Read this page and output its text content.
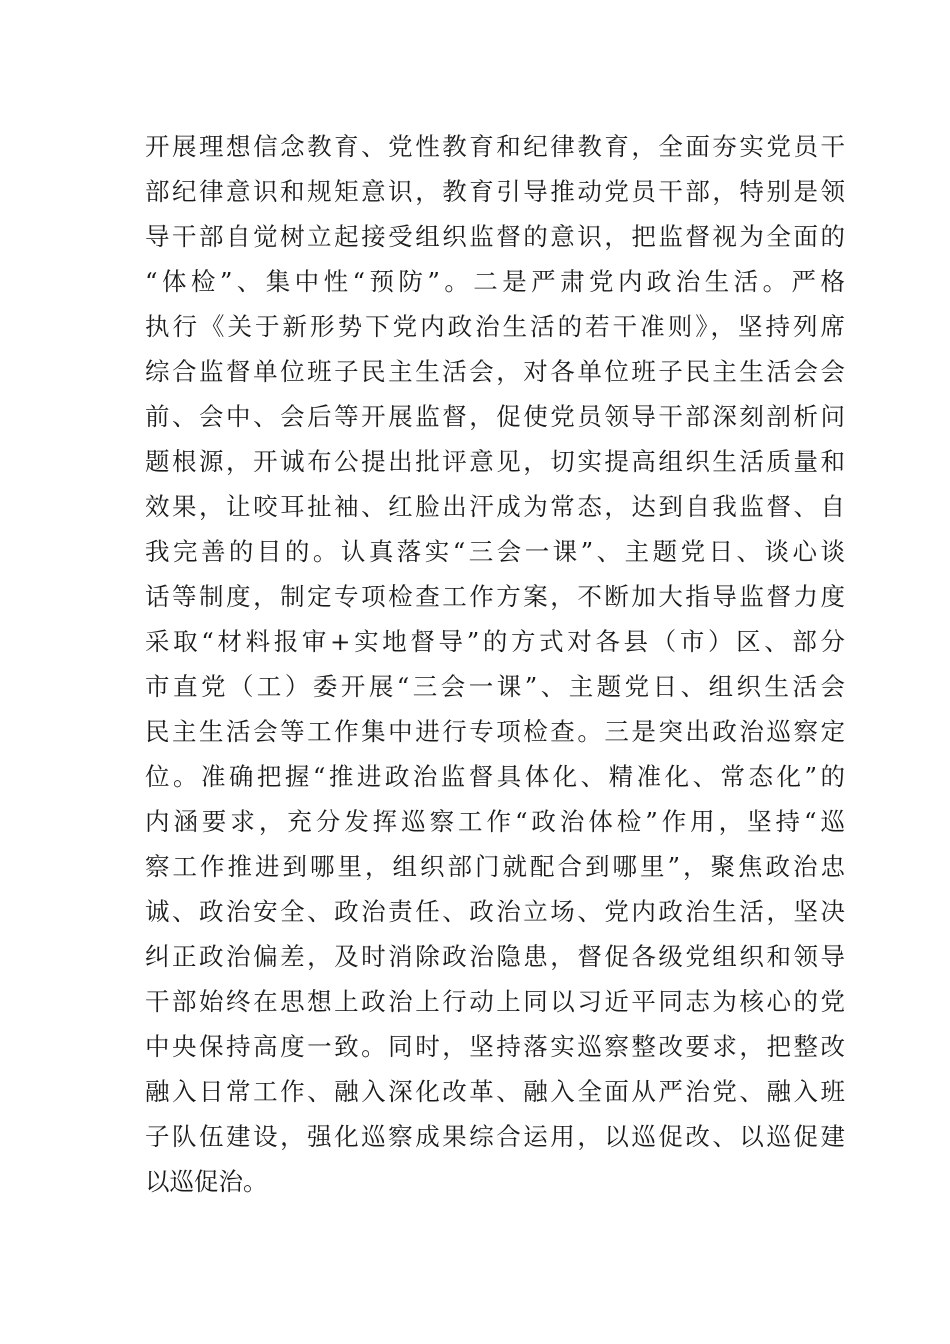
开展理想信念教育、党性教育和纪律教育，全面夯实党员干
部纪律意识和规矩意识，教育引导推动党员干部，特别是领
导干部自觉树立起接受组织监督的意识，把监督视为全面的
“体检”、集中性“预防”。二是严肃党内政治生活。严格
执行《关于新形势下党内政治生活的若干准则》，坚持列席
综合监督单位班子民主生活会，对各单位班子民主生活会会
前、会中、会后等开展监督，促使党员领导干部深刻剖析问
题根源，开诚布公提出批评意见，切实提高组织生活质量和
效果，让咬耳扯袖、红脸出汗成为常态，达到自我监督、自
我完善的目的。认真落实“三会一课”、主题党日、谈心谈
话等制度，制定专项检查工作方案，不断加大指导监督力度
采取“材料报审+实地督导”的方式对各县（市）区、部分
市直党（工）委开展“三会一课”、主题党日、组织生活会
民主生活会等工作集中进行专项检查。三是突出政治巡察定
位。准确把握“推进政治监督具体化、精准化、常态化”的
内涵要求，充分发挥巡察工作“政治体检”作用，坚持“巡
察工作推进到哪里，组织部门就配合到哪里”，聚焦政治忠
诚、政治安全、政治责任、政治立场、党内政治生活，坚决
纠正政治偏差，及时消除政治隐患，督促各级党组织和领导
干部始终在思想上政治上行动上同以习近平同志为核心的党
中央保持高度一致。同时，坚持落实巡察整改要求，把整改
融入日常工作、融入深化改革、融入全面从严治党、融入班
子队伍建设，强化巡察成果综合运用，以巡促改、以巡促建
以巡促治。
